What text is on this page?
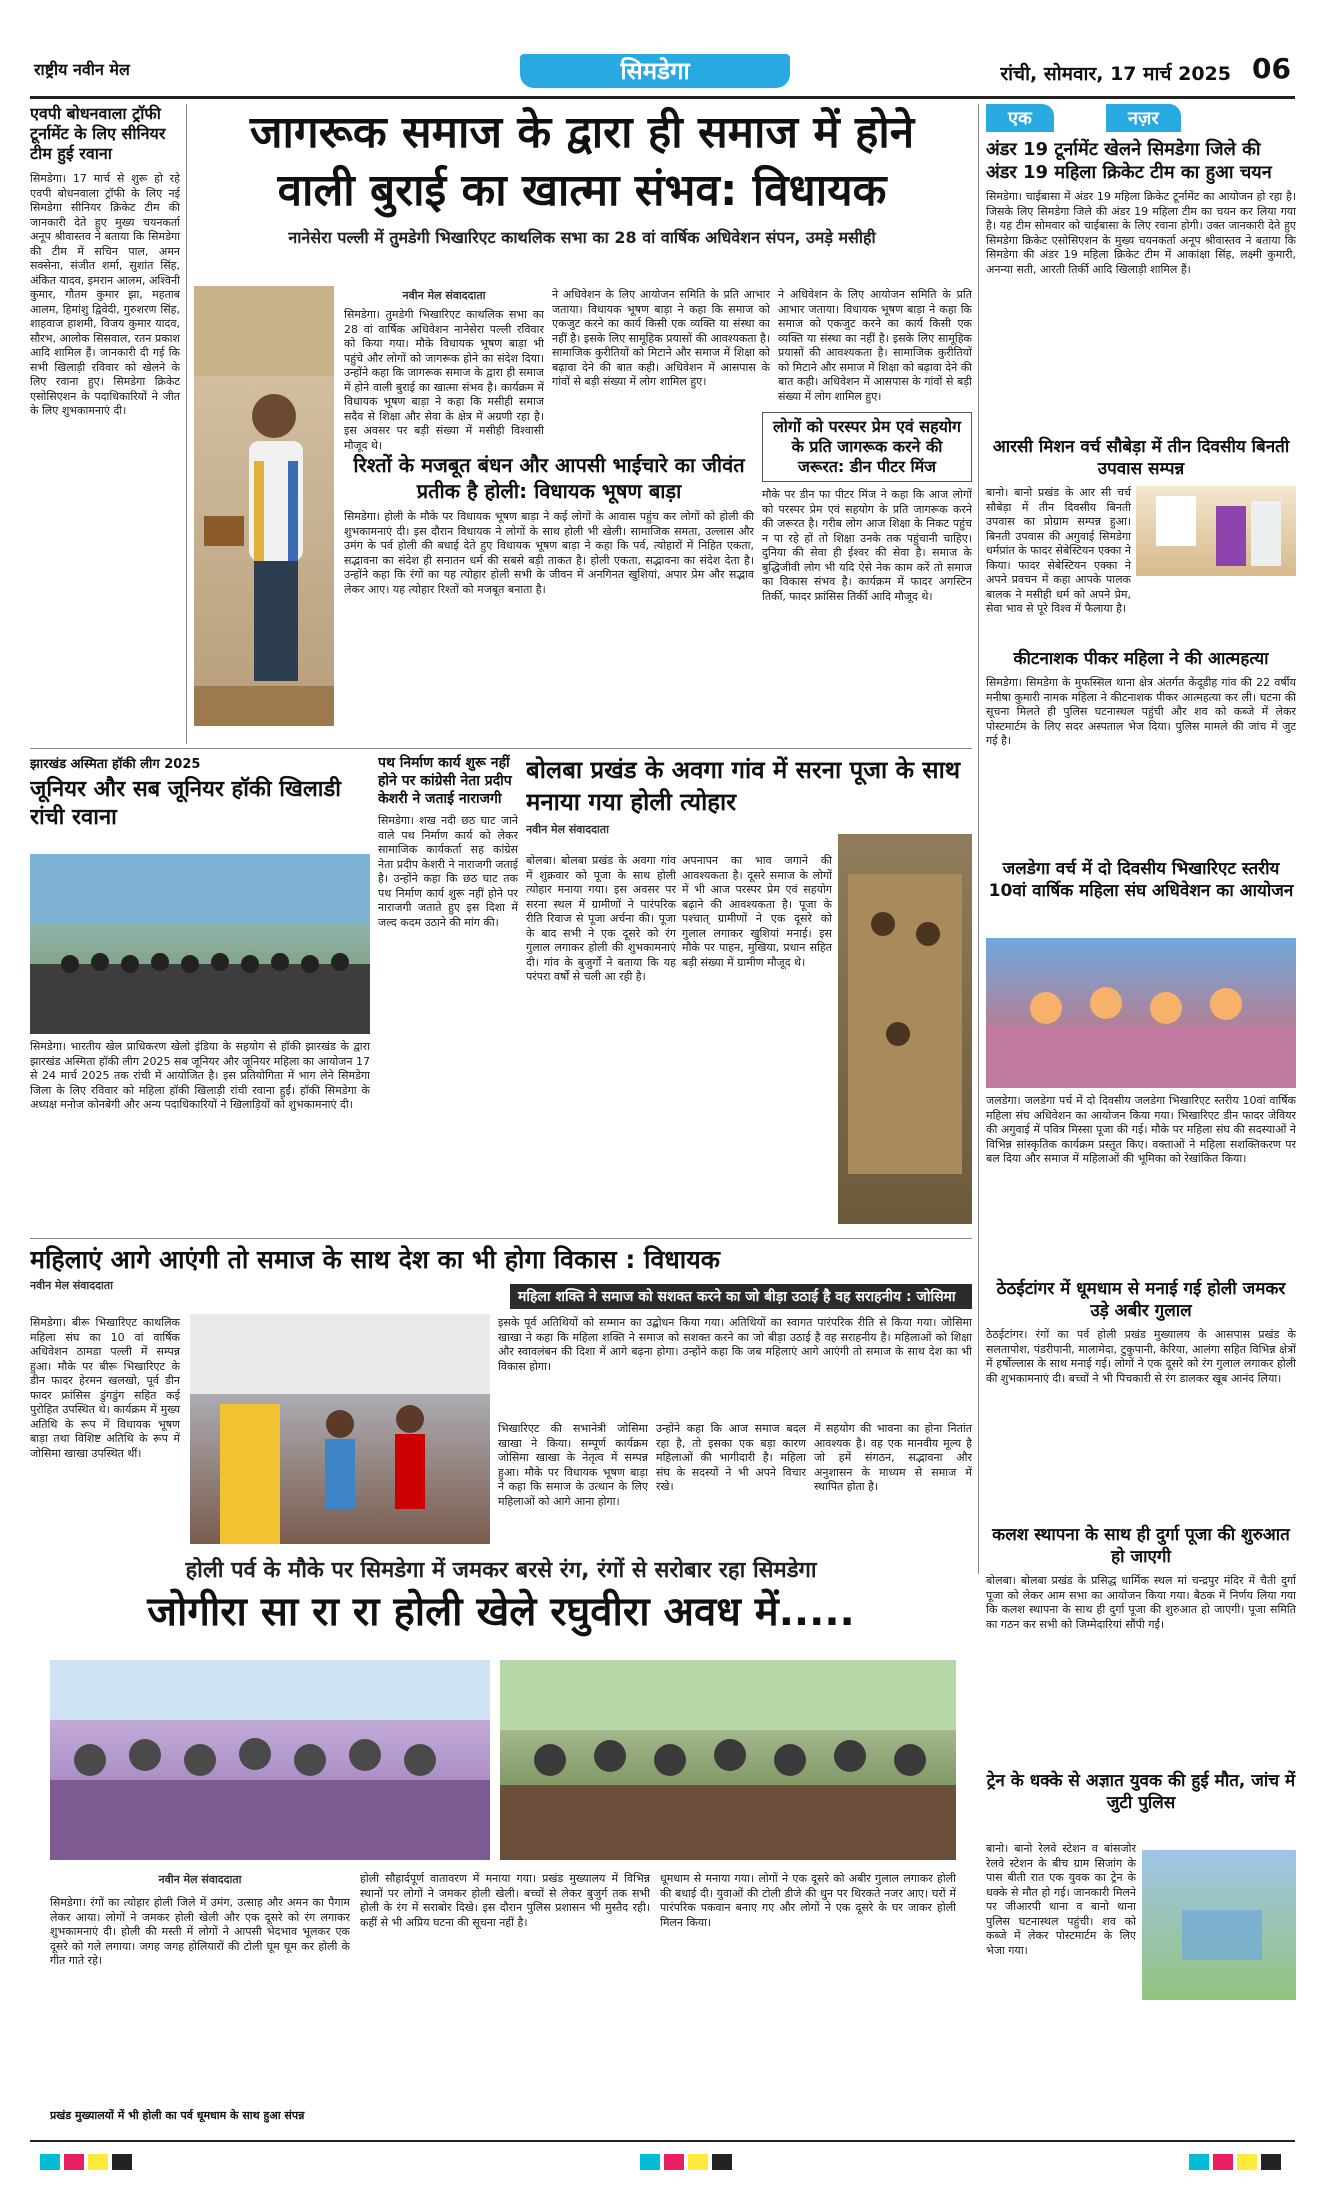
राष्ट्रीय नवीन मेल	सिमडेगा	रांची, सोमवार, 17 मार्च 2025 06
एवपी बोधनवाला ट्रॉफी टूर्नामेंट के लिए सीनियर टीम हुई रवाना
सिमडेगा। 17 मार्च से शुरू हो रहे एवपी बोधनवाला ट्रॉफी के लिए नई सिमडेगा सीनियर क्रिकेट टीम की जानकारी देते हुए मुख्य चयनकर्ता अनूप श्रीवास्तव ने बताया कि सिमडेगा की टीम में सचिन पाल, अमन सक्सेना, संजीत शर्मा, सुशांत सिंह, अंकित यादव, इमरान आलम, अश्विनी कुमार, गौतम कुमार झा, महताब आलम, हिमांशु द्विवेदी, गुरुशरण सिंह, शाहवाज हाशमी, विजय कुमार यादव, सौरभ, आलोक सिसवाल, रतन प्रकाश आदि शामिल हैं। जानकारी दी गई कि सभी खिलाड़ी रविवार को खेलने के लिए रवाना हुए। सिमडेगा क्रिकेट एसोसिएशन के पदाधिकारियों ने जीत के लिए शुभकामनाएं दी।
जागरूक समाज के द्वारा ही समाज में होने
वाली बुराई का खात्मा संभव: विधायक
नानेसेरा पल्ली में तुमडेगी भिखारिएट काथलिक सभा का 28 वां वार्षिक अधिवेशन संपन, उमड़े मसीही
नवीन मेल संवाददाता
सिमडेगा। तुमडेगी भिखारिएट काथलिक सभा का 28 वां वार्षिक अधिवेशन नानेसेरा पल्ली रविवार को किया गया। मौके विधायक भूषण बाड़ा भी पहुंचे और लोगों को जागरूक होने का संदेश दिया। उन्होंने कहा कि जागरूक समाज के द्वारा ही समाज में होने वाली बुराई का खात्मा संभव है। कार्यक्रम में विधायक भूषण बाड़ा ने कहा कि मसीही समाज सदैव से शिक्षा और सेवा के क्षेत्र में अग्रणी रहा है। इस अवसर पर बड़ी संख्या में मसीही विश्वासी मौजूद थे।
ने अधिवेशन के लिए आयोजन समिति के प्रति आभार जताया। विधायक भूषण बाड़ा ने कहा कि समाज को एकजुट करने का कार्य किसी एक व्यक्ति या संस्था का नहीं है। इसके लिए सामूहिक प्रयासों की आवश्यकता है। सामाजिक कुरीतियों को मिटाने और समाज में शिक्षा को बढ़ावा देने की बात कही। अधिवेशन में आसपास के गांवों से बड़ी संख्या में लोग शामिल हुए।
ने अधिवेशन के लिए आयोजन समिति के प्रति आभार जताया। विधायक भूषण बाड़ा ने कहा कि समाज को एकजुट करने का कार्य किसी एक व्यक्ति या संस्था का नहीं है। इसके लिए सामूहिक प्रयासों की आवश्यकता है। सामाजिक कुरीतियों को मिटाने और समाज में शिक्षा को बढ़ावा देने की बात कही। अधिवेशन में आसपास के गांवों से बड़ी संख्या में लोग शामिल हुए।
रिश्तों के मजबूत बंधन और आपसी भाईचारे का जीवंत प्रतीक है होली: विधायक भूषण बाड़ा
सिमडेगा। होली के मौके पर विधायक भूषण बाड़ा ने कई लोगों के आवास पहुंच कर लोगों को होली की शुभकामनाएं दी। इस दौरान विधायक ने लोगों के साथ होली भी खेली। सामाजिक समता, उल्लास और उमंग के पर्व होली की बधाई देते हुए विधायक भूषण बाड़ा ने कहा कि पर्व, त्योहारों में निहित एकता, सद्भावना का संदेश ही सनातन धर्म की सबसे बड़ी ताकत है। होली एकता, सद्भावना का संदेश देता है। उन्होंने कहा कि रंगों का यह त्योहार होली सभी के जीवन में अनगिनत खुशियां, अपार प्रेम और सद्भाव लेकर आए। यह त्योहार रिश्तों को मजबूत बनाता है।
लोगों को परस्पर प्रेम एवं सहयोग के प्रति जागरूक करने की जरूरत: डीन पीटर मिंज
मौके पर डीन फा पीटर मिंज ने कहा कि आज लोगों को परस्पर प्रेम एवं सहयोग के प्रति जागरूक करने की जरूरत है। गरीब लोग आज शिक्षा के निकट पहुंच न पा रहे हों तो शिक्षा उनके तक पहुंचानी चाहिए। दुनिया की सेवा ही ईश्वर की सेवा है। समाज के बुद्धिजीवी लोग भी यदि ऐसे नेक काम करें तो समाज का विकास संभव है। कार्यक्रम में फादर अगस्टिन तिर्की, फादर फ्रांसिस तिर्की आदि मौजूद थे।
एक	नज़र
अंडर 19 टूर्नामेंट खेलने सिमडेगा जिले की अंडर 19 महिला क्रिकेट टीम का हुआ चयन
सिमडेगा। चाईबासा में अंडर 19 महिला क्रिकेट टूर्नामेंट का आयोजन हो रहा है। जिसके लिए सिमडेगा जिले की अंडर 19 महिला टीम का चयन कर लिया गया है। यह टीम सोमवार को चाईबासा के लिए रवाना होगी। उक्त जानकारी देते हुए सिमडेगा क्रिकेट एसोसिएशन के मुख्य चयनकर्ता अनूप श्रीवास्तव ने बताया कि सिमडेगा की अंडर 19 महिला क्रिकेट टीम में आकांक्षा सिंह, लक्ष्मी कुमारी, अनन्या सती, आरती तिर्की आदि खिलाड़ी शामिल हैं।
आरसी मिशन वर्च सौबेड़ा में तीन दिवसीय बिनती उपवास सम्पन्न
बानो। बानो प्रखंड के आर सी चर्च सौबेड़ा में तीन दिवसीय बिनती उपवास का प्रोग्राम सम्पन्न हुआ। बिनती उपवास की अगुवाई सिमडेगा धर्मप्रांत के फादर सेबेस्टियन एक्का ने किया। फादर सेबेस्टियन एक्का ने अपने प्रवचन में कहा आपके पालक बालक ने मसीही धर्म को अपने प्रेम, सेवा भाव से पूरे विश्व में फैलाया है।
कीटनाशक पीकर महिला ने की आत्महत्या
सिमडेगा। सिमडेगा के मुफस्सिल थाना क्षेत्र अंतर्गत केंदूडीह गांव की 22 वर्षीय मनीषा कुमारी नामक महिला ने कीटनाशक पीकर आत्महत्या कर ली। घटना की सूचना मिलते ही पुलिस घटनास्थल पहुंची और शव को कब्जे में लेकर पोस्टमार्टम के लिए सदर अस्पताल भेज दिया। पुलिस मामले की जांच में जुट गई है।
जलडेगा वर्च में दो दिवसीय भिखारिएट स्तरीय 10वां वार्षिक महिला संघ अधिवेशन का आयोजन
जलडेगा। जलडेगा पर्च में दो दिवसीय जलडेगा भिखारिएट स्तरीय 10वां वार्षिक महिला संघ अधिवेशन का आयोजन किया गया। भिखारिएट डीन फादर जेवियर की अगुवाई में पवित्र मिस्सा पूजा की गई। मौके पर महिला संघ की सदस्याओं ने विभिन्न सांस्कृतिक कार्यक्रम प्रस्तुत किए। वक्ताओं ने महिला सशक्तिकरण पर बल दिया और समाज में महिलाओं की भूमिका को रेखांकित किया।
ठेठईटांगर में धूमधाम से मनाई गई होली जमकर उड़े अबीर गुलाल
ठेठईटांगर। रंगों का पर्व होली प्रखंड मुख्यालय के आसपास प्रखंड के सलतापोश, पंडरीपानी, मालामेदा, टुकुपानी, केरिया, आलंगा सहित विभिन्न क्षेत्रों में हर्षोल्लास के साथ मनाई गई। लोगों ने एक दूसरे को रंग गुलाल लगाकर होली की शुभकामनाएं दी। बच्चों ने भी पिचकारी से रंग डालकर खूब आनंद लिया।
कलश स्थापना के साथ ही दुर्गा पूजा की शुरुआत हो जाएगी
बोलबा। बोलबा प्रखंड के प्रसिद्ध धार्मिक स्थल मां चन्द्रपुर मंदिर में चैती दुर्गा पूजा को लेकर आम सभा का आयोजन किया गया। बैठक में निर्णय लिया गया कि कलश स्थापना के साथ ही दुर्गा पूजा की शुरुआत हो जाएगी। पूजा समिति का गठन कर सभी को जिम्मेदारियां सौंपी गईं।
ट्रेन के धक्के से अज्ञात युवक की हुई मौत, जांच में जुटी पुलिस
बानो। बानो रेलवे स्टेशन व बांसजोर रेलवे स्टेशन के बीच ग्राम सिजांग के पास बीती रात एक युवक का ट्रेन के धक्के से मौत हो गई। जानकारी मिलने पर जीआरपी थाना व बानो थाना पुलिस घटनास्थल पहुंची। शव को कब्जे में लेकर पोस्टमार्टम के लिए भेजा गया।
झारखंड अस्मिता हॉकी लीग 2025
जूनियर और सब जूनियर हॉकी खिलाडी रांची रवाना
सिमडेगा। भारतीय खेल प्राधिकरण खेलो इंडिया के सहयोग से हॉकी झारखंड के द्वारा झारखंड अस्मिता हॉकी लीग 2025 सब जूनियर और जूनियर महिला का आयोजन 17 से 24 मार्च 2025 तक रांची में आयोजित है। इस प्रतियोगिता में भाग लेने सिमडेगा जिला के लिए रविवार को महिला हॉकी खिलाड़ी रांची रवाना हुईं। हॉकी सिमडेगा के अध्यक्ष मनोज कोनबेगी और अन्य पदाधिकारियों ने खिलाड़ियों को शुभकामनाएं दी।
पथ निर्माण कार्य शुरू नहीं होने पर कांग्रेसी नेता प्रदीप केशरी ने जताई नाराजगी
सिमडेगा। शख नदी छठ घाट जाने वाले पथ निर्माण कार्य को लेकर सामाजिक कार्यकर्ता सह कांग्रेस नेता प्रदीप केशरी ने नाराजगी जताई है। उन्होंने कहा कि छठ घाट तक पथ निर्माण कार्य शुरू नहीं होने पर नाराजगी जताते हुए इस दिशा में जल्द कदम उठाने की मांग की।
बोलबा प्रखंड के अवगा गांव में सरना पूजा के साथ मनाया गया होली त्योहार
नवीन मेल संवाददाता
बोलबा। बोलबा प्रखंड के अवगा गांव में शुक्रवार को पूजा के साथ होली त्योहार मनाया गया। इस अवसर पर सरना स्थल में ग्रामीणों ने पारंपरिक रीति रिवाज से पूजा अर्चना की। पूजा के बाद सभी ने एक दूसरे को रंग गुलाल लगाकर होली की शुभकामनाएं दी। गांव के बुजुर्गों ने बताया कि यह परंपरा वर्षों से चली आ रही है।
अपनापन का भाव जगाने की आवश्यकता है। दूसरे समाज के लोगों में भी आज परस्पर प्रेम एवं सहयोग बढ़ाने की आवश्यकता है। पूजा के पश्चात् ग्रामीणों ने एक दूसरे को गुलाल लगाकर खुशियां मनाई। इस मौके पर पाहन, मुखिया, प्रधान सहित बड़ी संख्या में ग्रामीण मौजूद थे।
महिलाएं आगे आएंगी तो समाज के साथ देश का भी होगा विकास : विधायक
नवीन मेल संवाददाता
महिला शक्ति ने समाज को सशक्त करने का जो बीड़ा उठाई है वह सराहनीय : जोसिमा
सिमडेगा। बीरू भिखारिएट काथलिक महिला संघ का 10 वां वार्षिक अधिवेशन ठामडा पल्ली में सम्पन्न हुआ। मौके पर बीरू भिखारिएट के डीन फादर हेरमन खलखो, पूर्व डीन फादर फ्रांसिस डुंगडुंग सहित कई पुरोहित उपस्थित थे। कार्यक्रम में मुख्य अतिथि के रूप में विधायक भूषण बाड़ा तथा विशिष्ट अतिथि के रूप में जोसिमा खाखा उपस्थित थीं।
इसके पूर्व अतिथियों को सम्मान का उद्बोधन किया गया। अतिथियों का स्वागत पारंपरिक रीति से किया गया। जोसिमा खाखा ने कहा कि महिला शक्ति ने समाज को सशक्त करने का जो बीड़ा उठाई है वह सराहनीय है। महिलाओं को शिक्षा और स्वावलंबन की दिशा में आगे बढ़ना होगा। उन्होंने कहा कि जब महिलाएं आगे आएंगी तो समाज के साथ देश का भी विकास होगा।
भिखारिएट की सभानेत्री जोसिमा खाखा ने किया। सम्पूर्ण कार्यक्रम जोसिमा खाखा के नेतृत्व में सम्पन्न हुआ। मौके पर विधायक भूषण बाड़ा ने कहा कि समाज के उत्थान के लिए महिलाओं को आगे आना होगा।
उन्होंने कहा कि आज समाज बदल रहा है, तो इसका एक बड़ा कारण महिलाओं की भागीदारी है। महिला संघ के सदस्यों ने भी अपने विचार रखे।
में सहयोग की भावना का होना नितांत आवश्यक है। वह एक मानवीय मूल्य है जो हमें संगठन, सद्भावना और अनुशासन के माध्यम से समाज में स्थापित होता है।
होली पर्व के मौके पर सिमडेगा में जमकर बरसे रंग, रंगों से सरोबार रहा सिमडेगा
जोगीरा सा रा रा होली खेले रघुवीरा अवध में.....
नवीन मेल संवाददाता
सिमडेगा। रंगों का त्योहार होली जिले में उमंग, उत्साह और अमन का पैगाम लेकर आया। लोगों ने जमकर होली खेली और एक दूसरे को रंग लगाकर शुभकामनाएं दी। होली की मस्ती में लोगों ने आपसी भेदभाव भूलकर एक दूसरे को गले लगाया। जगह जगह होलियारों की टोली घूम घूम कर होली के गीत गाते रहे।
होली सौहार्दपूर्ण वातावरण में मनाया गया। प्रखंड मुख्यालय में विभिन्न स्थानों पर लोगों ने जमकर होली खेली। बच्चों से लेकर बुजुर्ग तक सभी होली के रंग में सराबोर दिखे। इस दौरान पुलिस प्रशासन भी मुस्तैद रही। कहीं से भी अप्रिय घटना की सूचना नहीं है।
धूमधाम से मनाया गया। लोगों ने एक दूसरे को अबीर गुलाल लगाकर होली की बधाई दी। युवाओं की टोली डीजे की धुन पर थिरकते नजर आए। घरों में पारंपरिक पकवान बनाए गए और लोगों ने एक दूसरे के घर जाकर होली मिलन किया।
प्रखंड मुख्यालयों में भी होली का पर्व धूमधाम के साथ हुआ संपन्न
